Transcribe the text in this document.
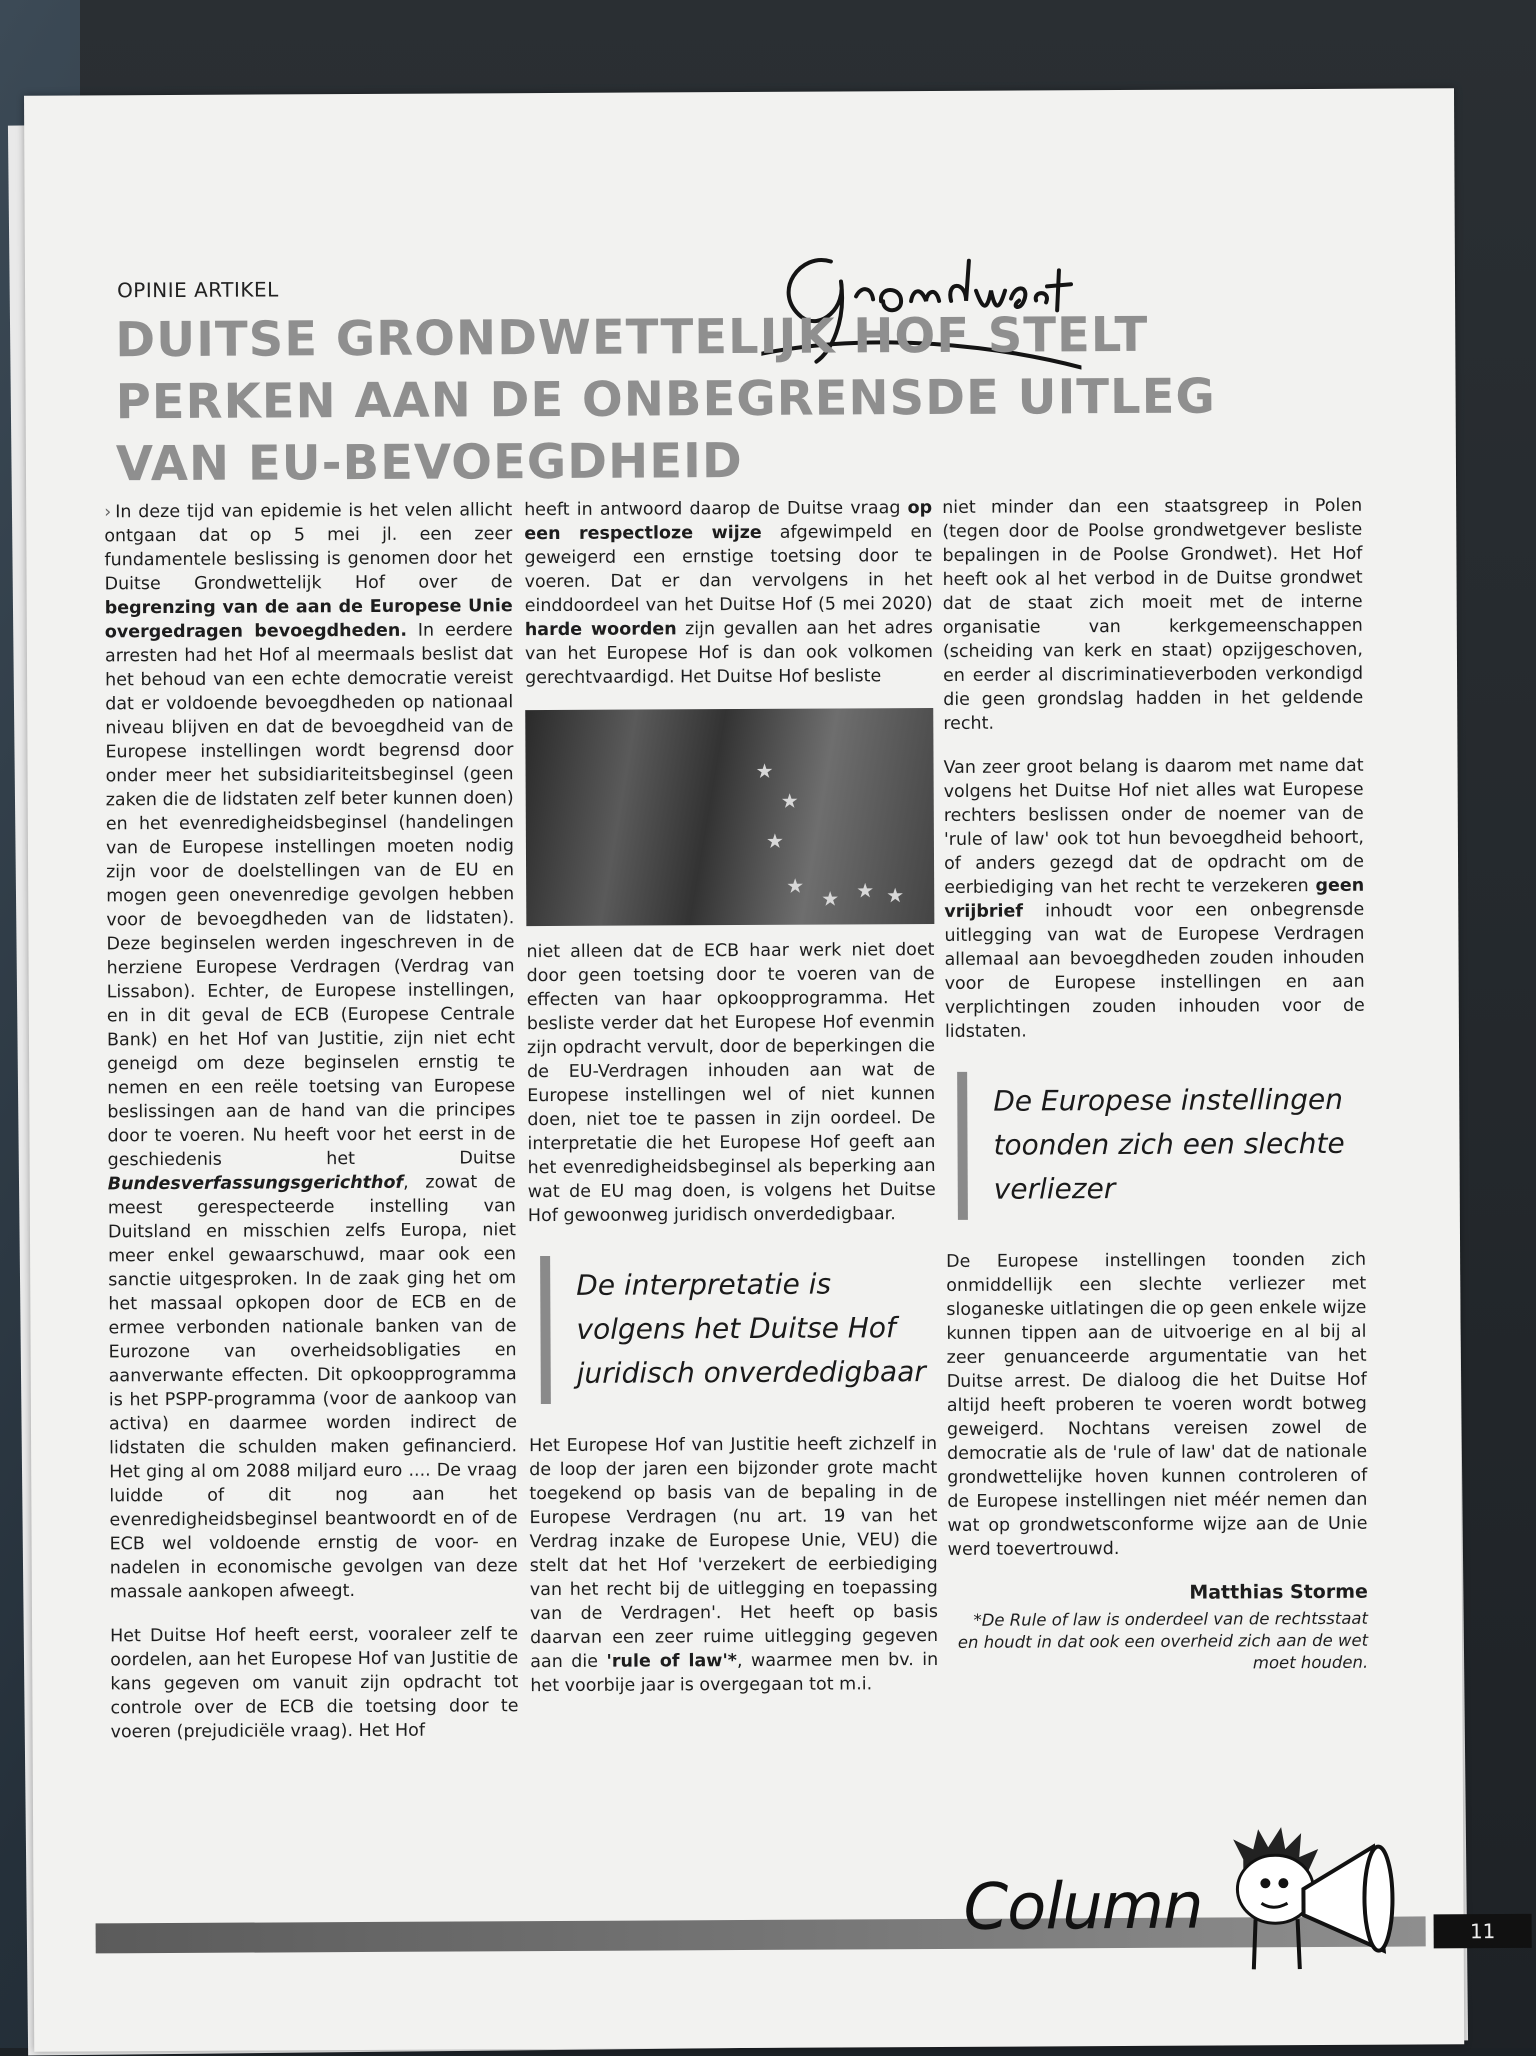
OPINIE ARTIKEL
DUITSE GRONDWETTELIJK HOF STELT PERKEN AAN DE ONBEGRENSDE UITLEG VAN EU-BEVOEGDHEID

› In deze tijd van epidemie is het velen allicht ontgaan dat op 5 mei jl. een zeer fundamentele beslissing is genomen door het Duitse Grondwettelijk Hof over de begrenzing van de aan de Europese Unie overgedragen bevoegdheden. In eerdere arresten had het Hof al meermaals beslist dat het behoud van een echte democratie vereist dat er voldoende bevoegdheden op nationaal niveau blijven en dat de bevoegdheid van de Europese instellingen wordt begrensd door onder meer het subsidiariteitsbeginsel (geen zaken die de lidstaten zelf beter kunnen doen) en het evenredigheidsbeginsel (handelingen van de Europese instellingen moeten nodig zijn voor de doelstellingen van de EU en mogen geen onevenredige gevolgen hebben voor de bevoegdheden van de lidstaten). Deze beginselen werden ingeschreven in de herziene Europese Verdragen (Verdrag van Lissabon). Echter, de Europese instellingen, en in dit geval de ECB (Europese Centrale Bank) en het Hof van Justitie, zijn niet echt geneigd om deze beginselen ernstig te nemen en een reële toetsing van Europese beslissingen aan de hand van die principes door te voeren. Nu heeft voor het eerst in de geschiedenis het Duitse Bundesverfassungsgerichthof, zowat de meest gerespecteerde instelling van Duitsland en misschien zelfs Europa, niet meer enkel gewaarschuwd, maar ook een sanctie uitgesproken. In de zaak ging het om het massaal opkopen door de ECB en de ermee verbonden nationale banken van de Eurozone van overheidsobligaties en aanverwante effecten. Dit opkoopprogramma is het PSPP-programma (voor de aankoop van activa) en daarmee worden indirect de lidstaten die schulden maken gefinancierd. Het ging al om 2088 miljard euro .... De vraag luidde of dit nog aan het evenredigheidsbeginsel beantwoordt en of de ECB wel voldoende ernstig de voor- en nadelen in economische gevolgen van deze massale aankopen afweegt.

Het Duitse Hof heeft eerst, vooraleer zelf te oordelen, aan het Europese Hof van Justitie de kans gegeven om vanuit zijn opdracht tot controle over de ECB die toetsing door te voeren (prejudiciële vraag). Het Hof

heeft in antwoord daarop de Duitse vraag op een respectloze wijze afgewimpeld en geweigerd een ernstige toetsing door te voeren. Dat er dan vervolgens in het einddoordeel van het Duitse Hof (5 mei 2020) harde woorden zijn gevallen aan het adres van het Europese Hof is dan ook volkomen gerechtvaardigd. Het Duitse Hof besliste

★
★
★
★
★ ★ ★

niet alleen dat de ECB haar werk niet doet door geen toetsing door te voeren van de effecten van haar opkoopprogramma. Het besliste verder dat het Europese Hof evenmin zijn opdracht vervult, door de beperkingen die de EU-Verdragen inhouden aan wat de Europese instellingen wel of niet kunnen doen, niet toe te passen in zijn oordeel. De interpretatie die het Europese Hof geeft aan het evenredigheidsbeginsel als beperking aan wat de EU mag doen, is volgens het Duitse Hof gewoonweg juridisch onverdedigbaar.

De interpretatie is volgens het Duitse Hof juridisch onverdedigbaar

Het Europese Hof van Justitie heeft zichzelf in de loop der jaren een bijzonder grote macht toegekend op basis van de bepaling in de Europese Verdragen (nu art. 19 van het Verdrag inzake de Europese Unie, VEU) die stelt dat het Hof 'verzekert de eerbiediging van het recht bij de uitlegging en toepassing van de Verdragen'. Het heeft op basis daarvan een zeer ruime uitlegging gegeven aan die 'rule of law'*, waarmee men bv. in het voorbije jaar is overgegaan tot m.i.

niet minder dan een staatsgreep in Polen (tegen door de Poolse grondwetgever besliste bepalingen in de Poolse Grondwet). Het Hof heeft ook al het verbod in de Duitse grondwet dat de staat zich moeit met de interne organisatie van kerkgemeenschappen (scheiding van kerk en staat) opzijgeschoven, en eerder al discriminatieverboden verkondigd die geen grondslag hadden in het geldende recht.

Van zeer groot belang is daarom met name dat volgens het Duitse Hof niet alles wat Europese rechters beslissen onder de noemer van de 'rule of law' ook tot hun bevoegdheid behoort, of anders gezegd dat de opdracht om de eerbiediging van het recht te verzekeren geen vrijbrief inhoudt voor een onbegrensde uitlegging van wat de Europese Verdragen allemaal aan bevoegdheden zouden inhouden voor de Europese instellingen en aan verplichtingen zouden inhouden voor de lidstaten.

De Europese instellingen toonden zich een slechte verliezer

De Europese instellingen toonden zich onmiddellijk een slechte verliezer met sloganeske uitlatingen die op geen enkele wijze kunnen tippen aan de uitvoerige en al bij al zeer genuanceerde argumentatie van het Duitse arrest. De dialoog die het Duitse Hof altijd heeft proberen te voeren wordt botweg geweigerd. Nochtans vereisen zowel de democratie als de 'rule of law' dat de nationale grondwettelijke hoven kunnen controleren of de Europese instellingen niet méér nemen dan wat op grondwetsconforme wijze aan de Unie werd toevertrouwd.

Matthias Storme
*De Rule of law is onderdeel van de rechtsstaat en houdt in dat ook een overheid zich aan de wet moet houden.
Column	11
